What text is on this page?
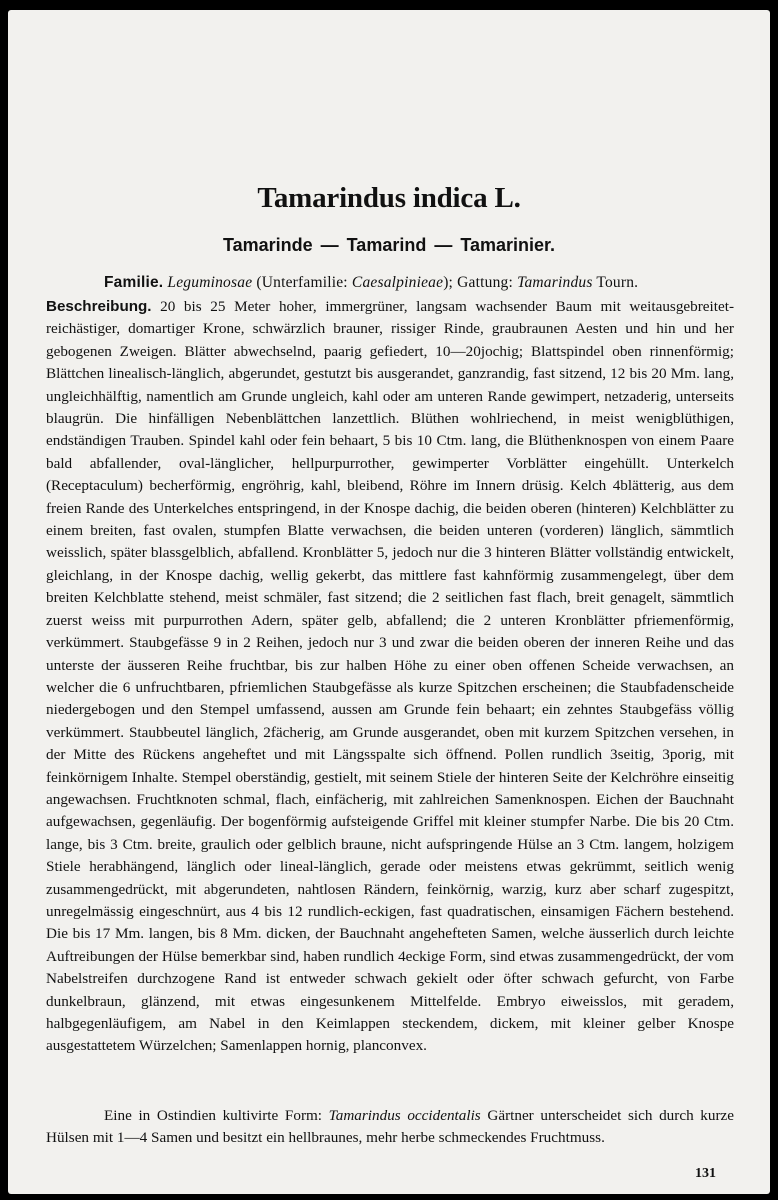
Tamarindus indica L.
Tamarinde — Tamarind — Tamarinier.
Familie. Leguminosae (Unterfamilie: Caesalpinieae); Gattung: Tamarindus Tourn.

Beschreibung. 20 bis 25 Meter hoher, immergrüner, langsam wachsender Baum mit weitausgebreitet-reichästiger, domartiger Krone, schwärzlich brauner, rissiger Rinde, graubraunen Aesten und hin und her gebogenen Zweigen. Blätter abwechselnd, paarig gefiedert, 10—20jochig; Blattspindel oben rinnenförmig; Blättchen linealisch-länglich, abgerundet, gestutzt bis ausgerandet, ganzrandig, fast sitzend, 12 bis 20 Mm. lang, ungleichhälftig, namentlich am Grunde ungleich, kahl oder am unteren Rande gewimpert, netzaderig, unterseits blaugrün. Die hinfälligen Nebenblättchen lanzettlich. Blüthen wohlriechend, in meist wenigblüthigen, endständigen Trauben. Spindel kahl oder fein behaart, 5 bis 10 Ctm. lang, die Blüthenknospen von einem Paare bald abfallender, oval-länglicher, hellpurpurrother, gewimperter Vorblätter eingehüllt. Unterkelch (Receptaculum) becherförmig, engröhrig, kahl, bleibend, Röhre im Innern drüsig. Kelch 4blätterig, aus dem freien Rande des Unterkelches entspringend, in der Knospe dachig, die beiden oberen (hinteren) Kelchblätter zu einem breiten, fast ovalen, stumpfen Blatte verwachsen, die beiden unteren (vorderen) länglich, sämmtlich weisslich, später blassgelblich, abfallend. Kronblätter 5, jedoch nur die 3 hinteren Blätter vollständig entwickelt, gleichlang, in der Knospe dachig, wellig gekerbt, das mittlere fast kahnförmig zusammengelegt, über dem breiten Kelchblatte stehend, meist schmäler, fast sitzend; die 2 seitlichen fast flach, breit genagelt, sämmtlich zuerst weiss mit purpurrothen Adern, später gelb, abfallend; die 2 unteren Kronblätter pfriemenförmig, verkümmert. Staubgefässe 9 in 2 Reihen, jedoch nur 3 und zwar die beiden oberen der inneren Reihe und das unterste der äusseren Reihe fruchtbar, bis zur halben Höhe zu einer oben offenen Scheide verwachsen, an welcher die 6 unfruchtbaren, pfriemlichen Staubgefässe als kurze Spitzchen erscheinen; die Staubfadenscheide niedergebogen und den Stempel umfassend, aussen am Grunde fein behaart; ein zehntes Staubgefäss völlig verkümmert. Staubbeutel länglich, 2fächerig, am Grunde ausgerandet, oben mit kurzem Spitzchen versehen, in der Mitte des Rückens angeheftet und mit Längsspalte sich öffnend. Pollen rundlich 3seitig, 3porig, mit feinkörnigem Inhalte. Stempel oberständig, gestielt, mit seinem Stiele der hinteren Seite der Kelchröhre einseitig angewachsen. Fruchtknoten schmal, flach, einfächerig, mit zahlreichen Samenknospen. Eichen der Bauchnaht aufgewachsen, gegenläufig. Der bogenförmig aufsteigende Griffel mit kleiner stumpfer Narbe. Die bis 20 Ctm. lange, bis 3 Ctm. breite, graulich oder gelblich braune, nicht aufspringende Hülse an 3 Ctm. langem, holzigem Stiele herabhängend, länglich oder lineal-länglich, gerade oder meistens etwas gekrümmt, seitlich wenig zusammengedrückt, mit abgerundeten, nahtlosen Rändern, feinkörnig, warzig, kurz aber scharf zugespitzt, unregelmässig eingeschnürt, aus 4 bis 12 rundlich-eckigen, fast quadratischen, einsamigen Fächern bestehend. Die bis 17 Mm. langen, bis 8 Mm. dicken, der Bauchnaht angehefteten Samen, welche äusserlich durch leichte Auftreibungen der Hülse bemerkbar sind, haben rundlich 4eckige Form, sind etwas zusammengedrückt, der vom Nabelstreifen durchzogene Rand ist entweder schwach gekielt oder öfter schwach gefurcht, von Farbe dunkelbraun, glänzend, mit etwas eingesunkenem Mittelfelde. Embryo eiweisslos, mit geradem, halbgegenläufigem, am Nabel in den Keimlappen steckendem, dickem, mit kleiner gelber Knospe ausgestattetem Würzelchen; Samenlappen hornig, planconvex.

Eine in Ostindien kultivirte Form: Tamarindus occidentalis Gärtner unterscheidet sich durch kurze Hülsen mit 1—4 Samen und besitzt ein hellbraunes, mehr herbe schmeckendes Fruchtmuss.

131
